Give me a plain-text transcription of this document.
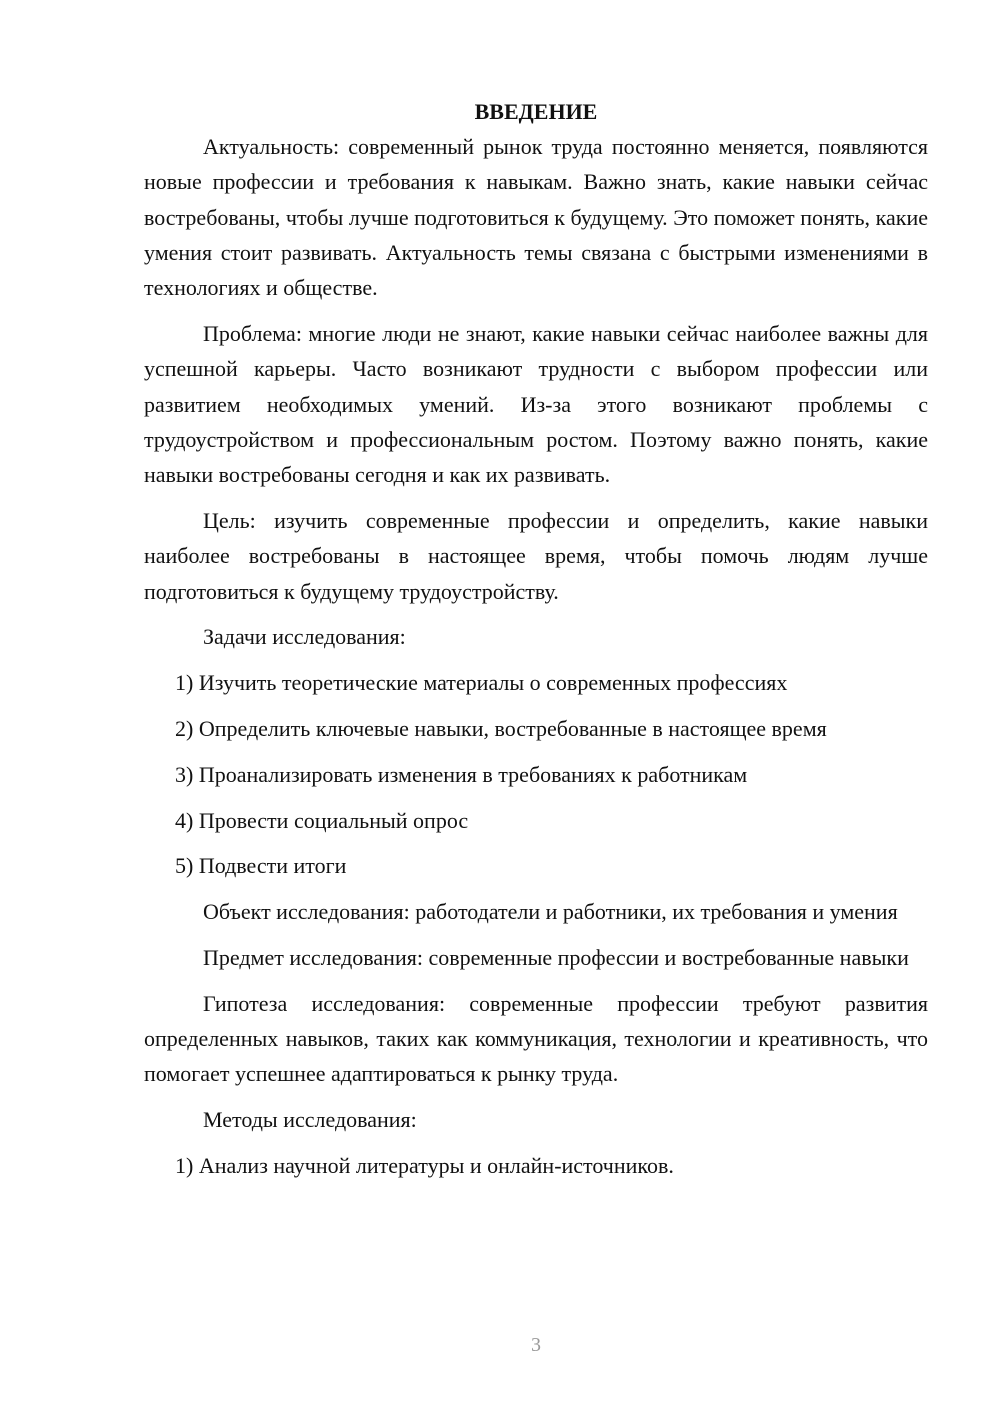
ВВЕДЕНИЕ

Актуальность: современный рынок труда постоянно меняется, появляются новые профессии и требования к навыкам. Важно знать, какие навыки сейчас востребованы, чтобы лучше подготовиться к будущему. Это поможет понять, какие умения стоит развивать. Актуальность темы связана с быстрыми изменениями в технологиях и обществе.

Проблема: многие люди не знают, какие навыки сейчас наиболее важны для успешной карьеры. Часто возникают трудности с выбором профессии или развитием необходимых умений. Из-за этого возникают проблемы с трудоустройством и профессиональным ростом. Поэтому важно понять, какие навыки востребованы сегодня и как их развивать.

Цель: изучить современные профессии и определить, какие навыки наиболее востребованы в настоящее время, чтобы помочь людям лучше подготовиться к будущему трудоустройству.

Задачи исследования:

1) Изучить теоретические материалы о современных профессиях

2) Определить ключевые навыки, востребованные в настоящее время

3) Проанализировать изменения в требованиях к работникам

4) Провести социальный опрос

5) Подвести итоги

Объект исследования: работодатели и работники, их требования и умения

Предмет исследования: современные профессии и востребованные навыки

Гипотеза исследования: современные профессии требуют развития определенных навыков, таких как коммуникация, технологии и креативность, что помогает успешнее адаптироваться к рынку труда.

Методы исследования:

1) Анализ научной литературы и онлайн-источников.

3
